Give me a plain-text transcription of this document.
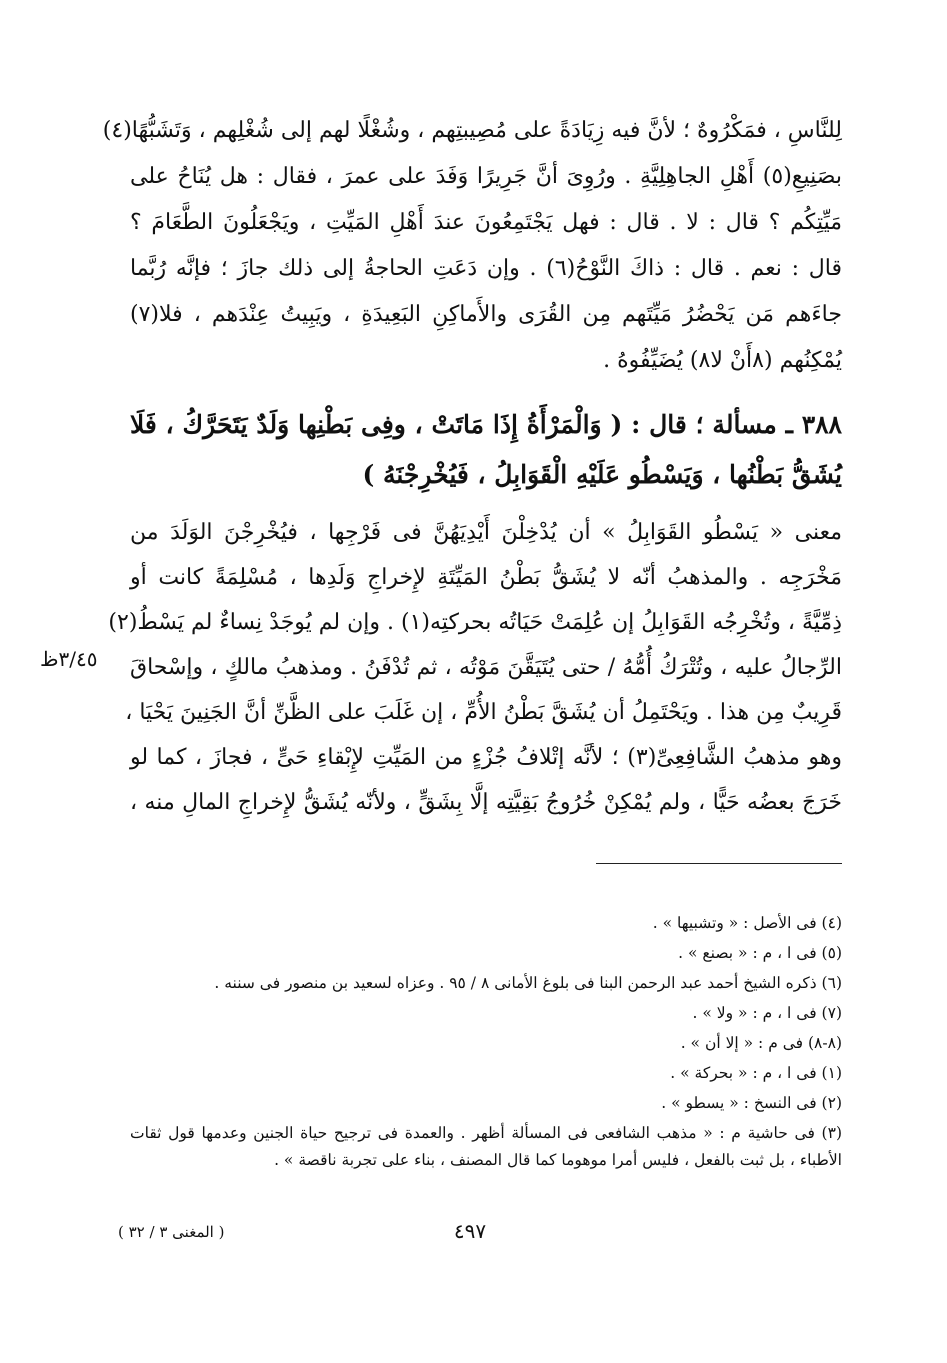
لِلنَّاسِ ، فمَكْرُوهٌ ؛ لأنَّ فيه زِيَادَةً على مُصِيبتِهم ، وشُغْلًا لهم إلى شُغْلِهم ، وَتَشَبُّهًا(٤)
بصَنِيعِ(٥) أَهْلِ الجاهِلِيَّةِ . ورُوِىَ أنَّ جَرِيرًا وَفَدَ على عمرَ ، فقال : هل يُنَاحُ على
مَيِّتِكُم ؟ قال : لا . قال : فهل يَجْتَمِعُونَ عندَ أَهْلِ المَيِّتِ ، ويَجْعَلُونَ الطَّعَامَ ؟
قال : نعم . قال : ذاكَ النَّوْحُ(٦) . وإن دَعَتِ الحاجةُ إلى ذلك جازَ ؛ فإنَّه رُبَّما
جاءَهم مَن يَحْضُرُ مَيِّتَهم مِن القُرَى والأَماكِنِ البَعِيدَةِ ، ويَبِيتُ عِنْدَهم ، فلا(٧)
يُمْكِنُهم (٨أَنْ لا٨) يُضَيِّفُوهُ .
٣٨٨ ـ مسألة ؛ قال : ( وَالْمَرْأَةُ إِذَا مَاتَتْ ، وفِى بَطْنِها وَلَدٌ يَتَحَرَّكُ ، فَلَا
يُشَقُّ بَطْنُها ، وَيَسْطُو عَلَيْهِ الْقَوَابِلُ ، فَيُخْرِجْنَهُ )
معنى « يَسْطُو القَوَابِلُ » أن يُدْخِلْنَ أَيْدِيَهُنَّ فى فَرْجِها ، فيُخْرِجْنَ الوَلَدَ من
مَخْرَجِه . والمذهبُ أنّه لا يُشَقُّ بَطْنُ المَيِّتَةِ لإِخراجِ وَلَدِها ، مُسْلِمَةً كانت أو
ذِمِّيَّةً ، وتُخْرِجُه القَوَابِلُ إن عُلِمَتْ حَيَاتُه بحركتِه(١) . وإن لم يُوجَدْ نِساءٌ لم يَسْطُ(٢)
الرِّجالُ عليه ، وتُتْرَكُ أُمُّهُ / حتى يُتَيَقَّنَ مَوْتُه ، ثم تُدْفَنُ . ومذهبُ مالكٍ ، وإسْحاقَ
قَرِيبٌ مِن هذا . ويَحْتَمِلُ أن يُشَقَّ بَطْنُ الأُمِّ ، إن غَلَبَ على الظَّنِّ أنَّ الجَنِينَ يَحْيَا ،
وهو مذهبُ الشَّافِعِىِّ(٣) ؛ لأنَّه إتْلافُ جُزْءٍ من المَيِّتِ لإِبْقاءِ حَىٍّ ، فجازَ ، كما لو
خَرَجَ بعضُه حَيًّا ، ولم يُمْكِنْ خُرُوجُ بَقِيَّتِه إلَّا بِشَقٍّ ، ولأنّه يُشَقُّ لإِخراجِ المالِ منه ،
٣/٤٥ظ
(٤) فى الأصل : « وتشبيها » .
(٥) فى ا ، م : « بصنع » .
(٦) ذكره الشيخ أحمد عبد الرحمن البنا فى بلوغ الأمانى ٨ / ٩٥ . وعزاه لسعيد بن منصور فى سننه .
(٧) فى ا ، م : « ولا » .
(٨-٨) فى م : « إلا أن » .
(١) فى ا ، م : « بحركة » .
(٢) فى النسخ : « يسطو » .
(٣) فى حاشية م : « مذهب الشافعى فى المسألة أظهر . والعمدة فى ترجيح حياة الجنين وعدمها قول ثقات
الأطباء ، بل ثبت بالفعل ، فليس أمرا موهوما كما قال المصنف ، بناء على تجربة ناقصة » .
٤٩٧
( المغنى ٣ / ٣٢ )
